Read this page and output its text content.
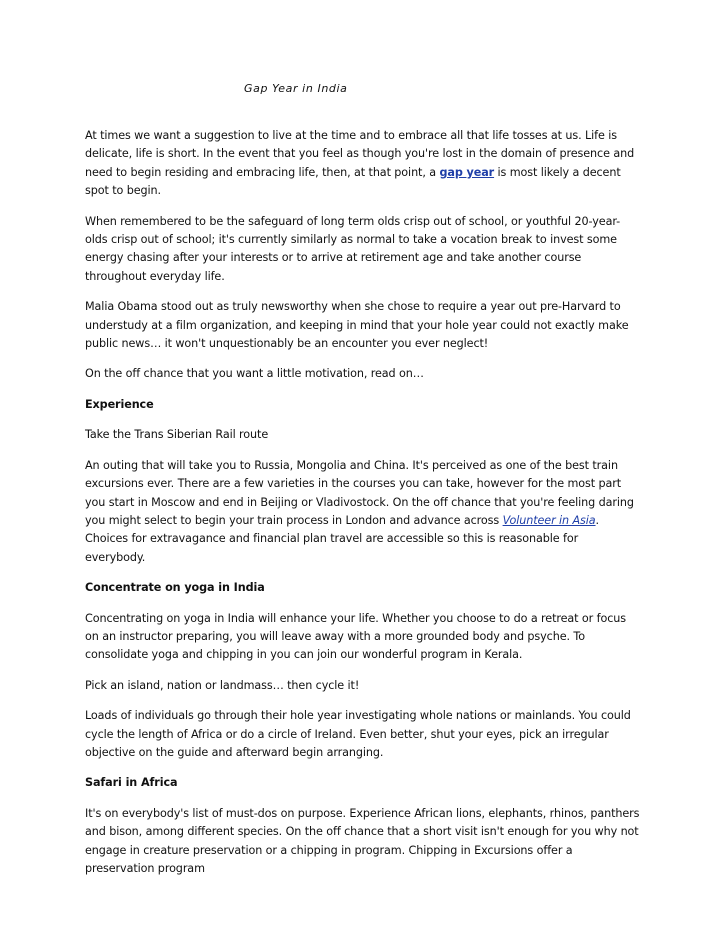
Gap Year in India

At times we want a suggestion to live at the time and to embrace all that life tosses at us. Life is delicate, life is short. In the event that you feel as though you're lost in the domain of presence and need to begin residing and embracing life, then, at that point, a gap year is most likely a decent spot to begin.

When remembered to be the safeguard of long term olds crisp out of school, or youthful 20-year-olds crisp out of school; it's currently similarly as normal to take a vocation break to invest some energy chasing after your interests or to arrive at retirement age and take another course throughout everyday life.

Malia Obama stood out as truly newsworthy when she chose to require a year out pre-Harvard to understudy at a film organization, and keeping in mind that your hole year could not exactly make public news… it won't unquestionably be an encounter you ever neglect!

On the off chance that you want a little motivation, read on…

Experience

Take the Trans Siberian Rail route

An outing that will take you to Russia, Mongolia and China. It's perceived as one of the best train excursions ever. There are a few varieties in the courses you can take, however for the most part you start in Moscow and end in Beijing or Vladivostock. On the off chance that you're feeling daring you might select to begin your train process in London and advance across Volunteer in Asia. Choices for extravagance and financial plan travel are accessible so this is reasonable for everybody.

Concentrate on yoga in India

Concentrating on yoga in India will enhance your life. Whether you choose to do a retreat or focus on an instructor preparing, you will leave away with a more grounded body and psyche. To consolidate yoga and chipping in you can join our wonderful program in Kerala.

Pick an island, nation or landmass… then cycle it!

Loads of individuals go through their hole year investigating whole nations or mainlands. You could cycle the length of Africa or do a circle of Ireland. Even better, shut your eyes, pick an irregular objective on the guide and afterward begin arranging.

Safari in Africa

It's on everybody's list of must-dos on purpose. Experience African lions, elephants, rhinos, panthers and bison, among different species. On the off chance that a short visit isn't enough for you why not engage in creature preservation or a chipping in program. Chipping in Excursions offer a preservation program
